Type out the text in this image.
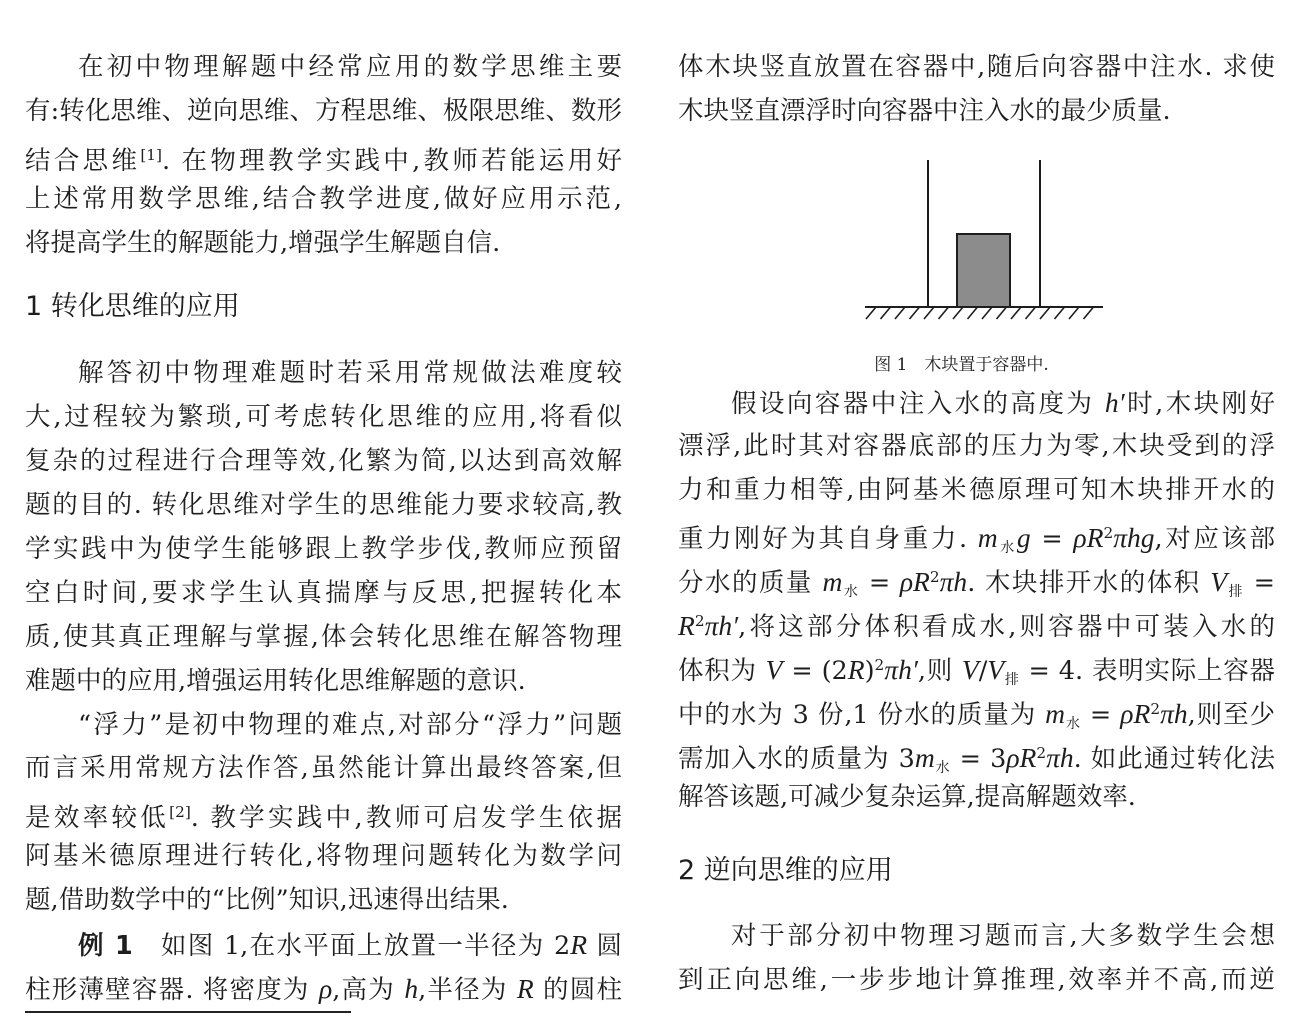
在初中物理解题中经常应用的数学思维主要
有:转化思维、逆向思维、方程思维、极限思维、数形
结合思维[1]. 在物理教学实践中,教师若能运用好
上述常用数学思维,结合教学进度,做好应用示范,
将提高学生的解题能力,增强学生解题自信.
1 转化思维的应用
解答初中物理难题时若采用常规做法难度较
大,过程较为繁琐,可考虑转化思维的应用,将看似
复杂的过程进行合理等效,化繁为简,以达到高效解
题的目的. 转化思维对学生的思维能力要求较高,教
学实践中为使学生能够跟上教学步伐,教师应预留
空白时间,要求学生认真揣摩与反思,把握转化本
质,使其真正理解与掌握,体会转化思维在解答物理
难题中的应用,增强运用转化思维解题的意识.
“浮力”是初中物理的难点,对部分“浮力”问题
而言采用常规方法作答,虽然能计算出最终答案,但
是效率较低[2]. 教学实践中,教师可启发学生依据
阿基米德原理进行转化,将物理问题转化为数学问
题,借助数学中的“比例”知识,迅速得出结果.
例 1　如图 1,在水平面上放置一半径为 2R 圆
柱形薄壁容器. 将密度为 ρ,高为 h,半径为 R 的圆柱
体木块竖直放置在容器中,随后向容器中注水. 求使
木块竖直漂浮时向容器中注入水的最少质量.
图 1　木块置于容器中.
假设向容器中注入水的高度为 h′时,木块刚好
漂浮,此时其对容器底部的压力为零,木块受到的浮
力和重力相等,由阿基米德原理可知木块排开水的
重力刚好为其自身重力. $m_水g = \rho R^2\pi hg$,对应该部
分水的质量 $m_水 = \rho R^2\pi h$. 木块排开水的体积 $V_排$ =
$R^2\pi h'$,将这部分体积看成水,则容器中可装入水的
体积为 $V = (2R)^2\pi h'$,则 $V/V_排 = 4$. 表明实际上容器
中的水为 3 份,1 份水的质量为 $m_水 = \rho R^2\pi h$,则至少
需加入水的质量为 $3m_水 = 3\rho R^2\pi h$. 如此通过转化法
解答该题,可减少复杂运算,提高解题效率.
2 逆向思维的应用
对于部分初中物理习题而言,大多数学生会想
到正向思维,一步步地计算推理,效率并不高,而逆
